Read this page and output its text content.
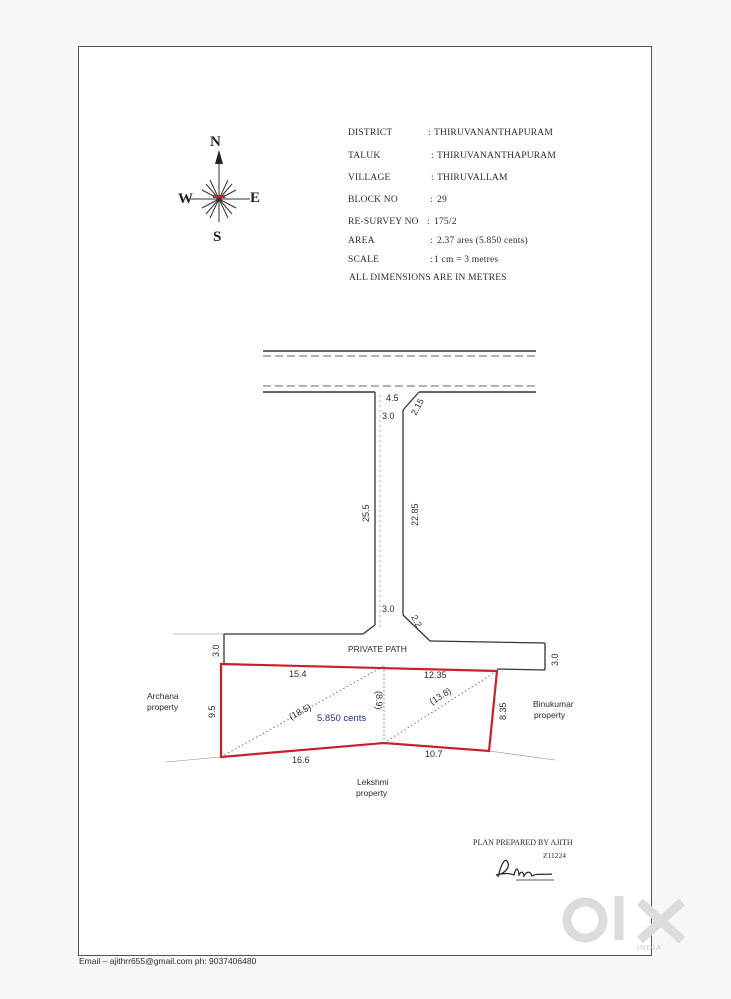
N
S
W	E
DISTRICT	: THIRUVANANTHAPURAM
TALUK	: THIRUVANANTHAPURAM
VILLAGE	: THIRUVALLAM
BLOCK NO	: 29
RE-SURVEY NO : 175/2
AREA	: 2.37 ares (5.850 cents)
SCALE	: 1 cm = 3 metres
ALL DIMENSIONS ARE IN METRES
4.5
3.0 2.15
25.5	22.85
3.0
2.2
3.0
3.0
PRIVATE PATH
15.4	12.35
9.5	8.35
16.6
10.7
(18.5)
(8.9)	(13.8)
5.850 cents
Archana
property	Binukumar
property
Lekshmi
property
PLAN PREPARED BY AJITH
Z11224
Email – ajithrr655@gmail.com ph: 9037406480
INDIA
